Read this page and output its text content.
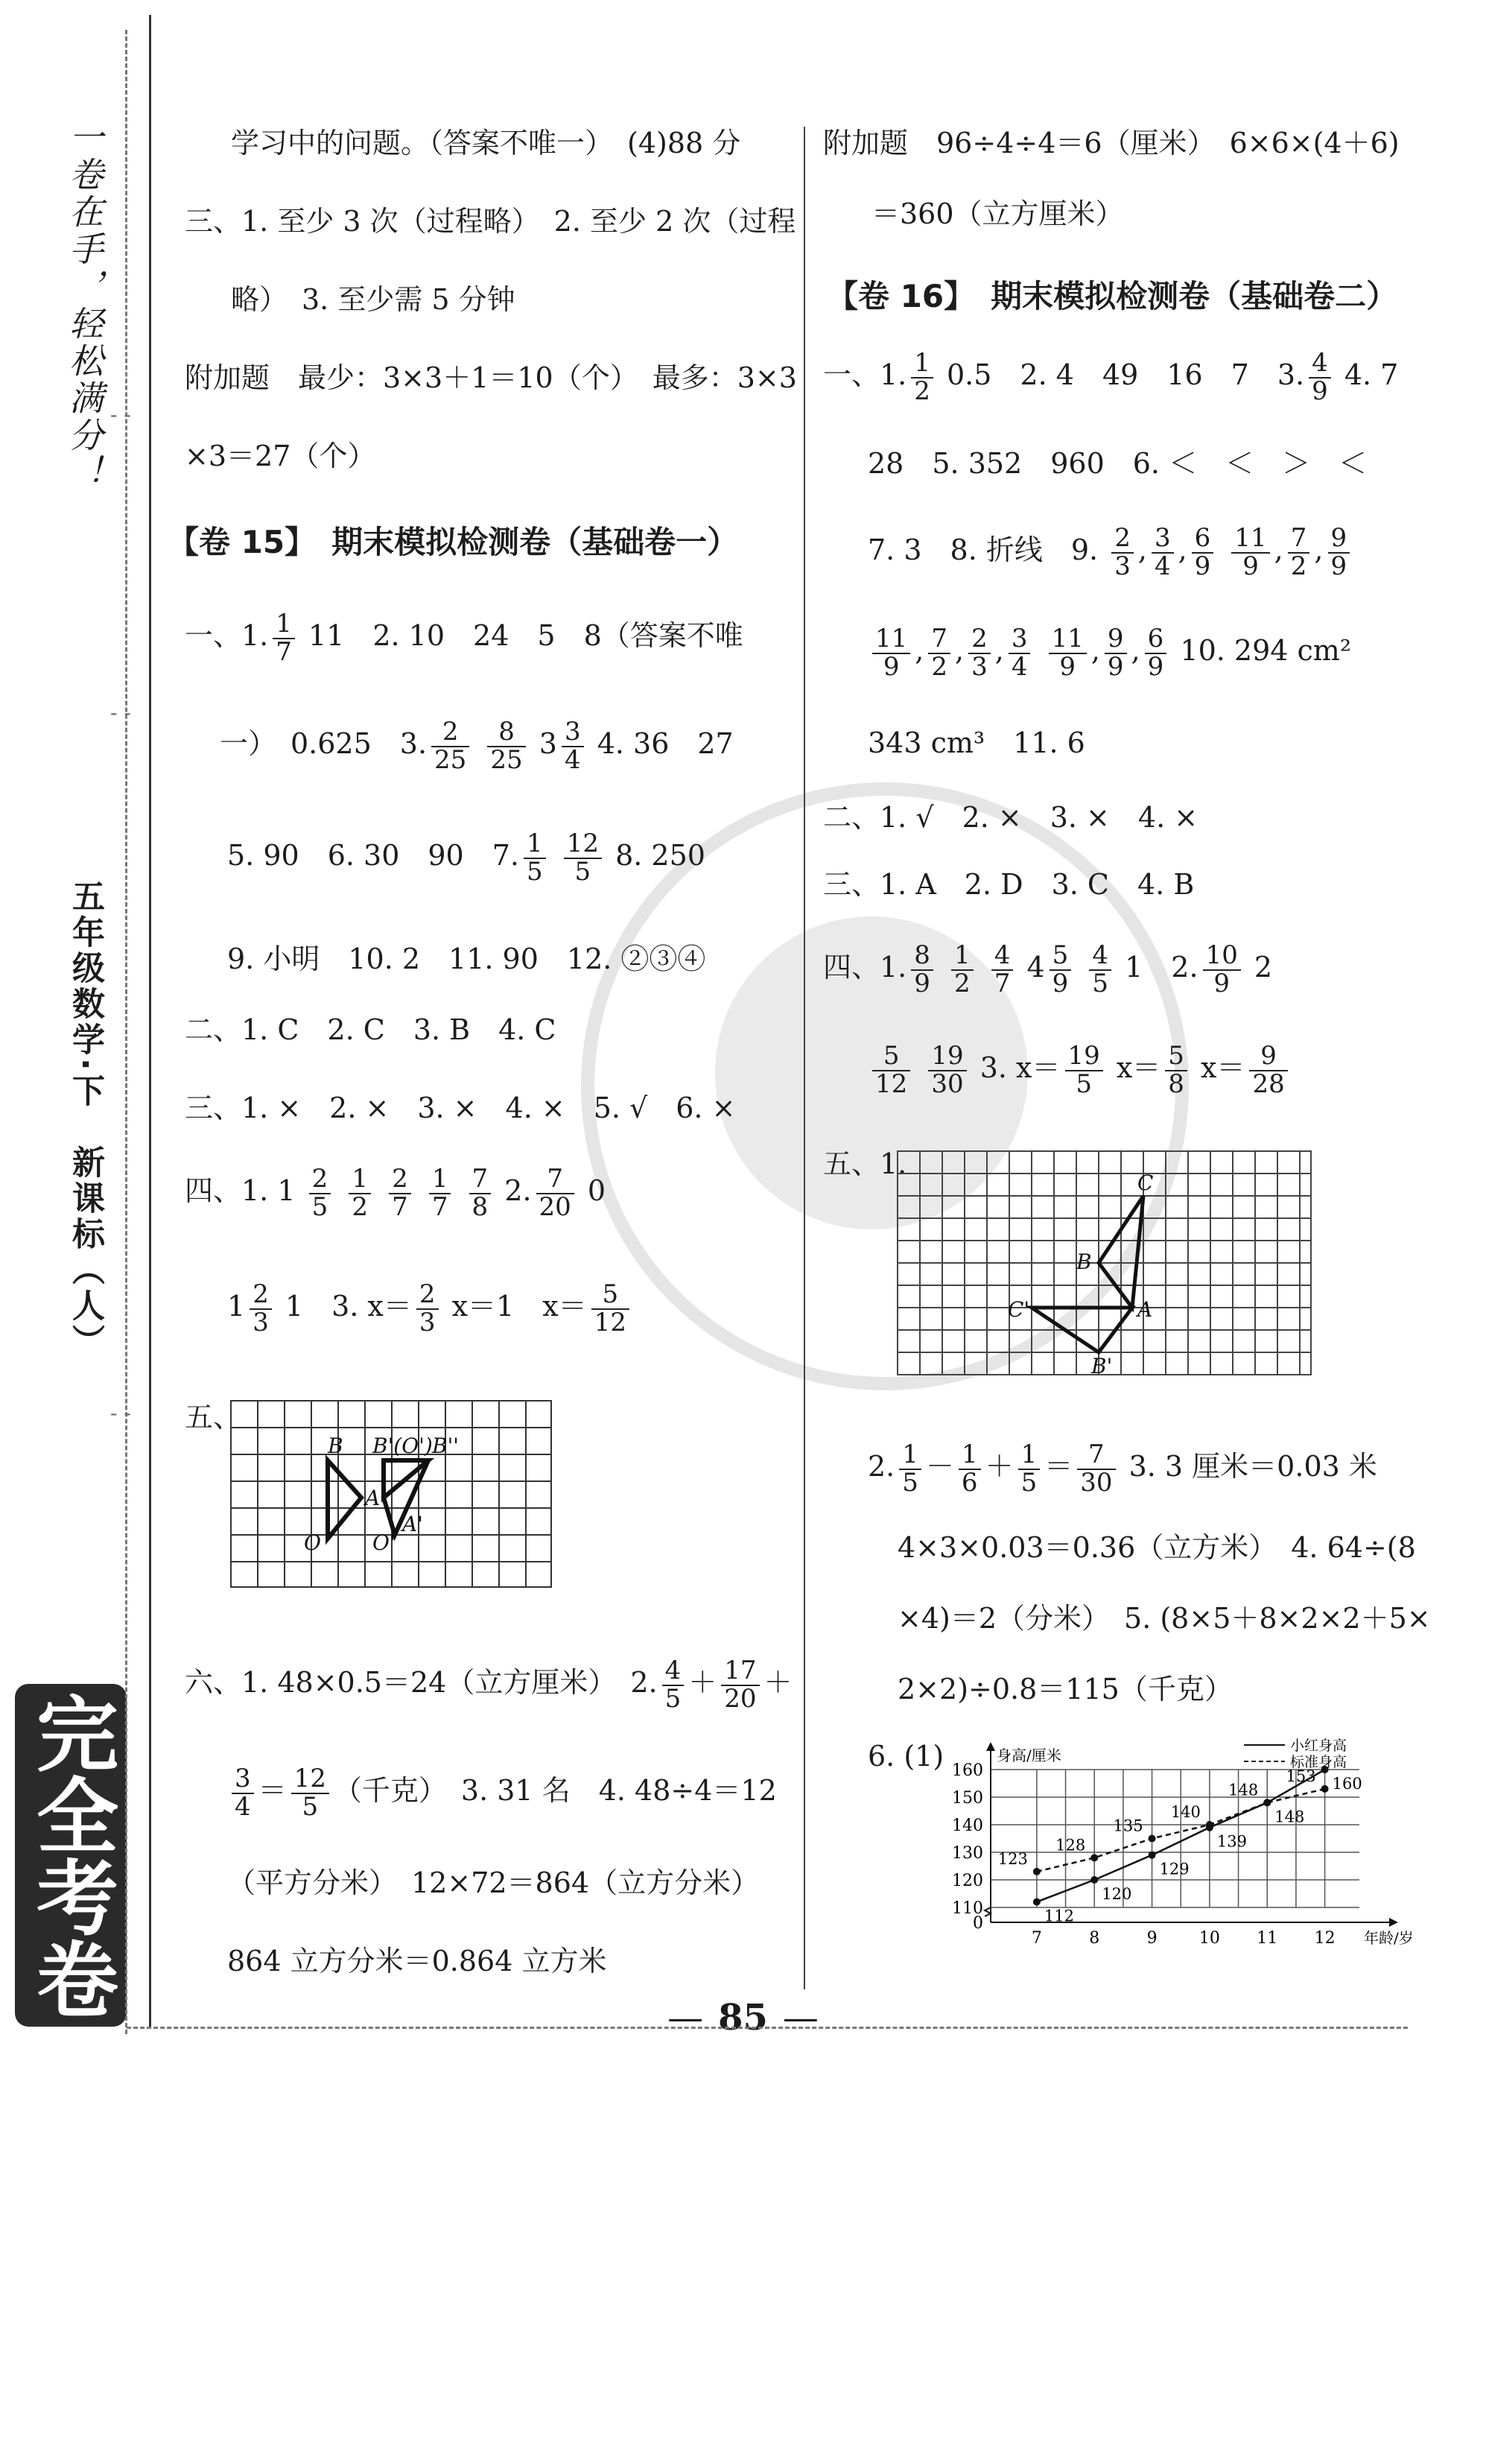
一卷在手，轻松满分！
五年级数学·下　新课标（人）
完全考卷
- -
- -
- -
学习中的问题。（答案不唯一）　(4)88 分
三、1. 至少 3 次（过程略）　2. 至少 2 次（过程
略）　3. 至少需 5 分钟
附加题　最少：3×3＋1＝10（个）　最多：3×3
×3＝27（个）
【卷 15】　期末模拟检测卷（基础卷一）
一、1. $\frac{1}{7} 11$　2. 10　24　5　8（答案不唯
一）　0.625　3. $\frac{2}{25}$
$\frac{8}{25} 3 \frac{3}{4} 4$. 36　27
5. 90　6. 30　90　7. $\frac{1}{5}$
$\frac{12}{5} 8$. 250
9. 小明　10. 2　11. 90　12. ②③④
二、1. C　2. C　3. B　4. C
三、1. ×　2. ×　3. ×　4. ×　5. √　6. ×
四、1. $1 \frac{2}{5}$
$\frac{1}{2}$
$\frac{2}{7}$
$\frac{1}{7}$
$\frac{7}{8} 2$. $\frac{7}{20} 0$
$1 \frac{2}{3} 1$　3. $x= \frac{2}{3} x=1$　$x= \frac{5}{12}$
五、
B B'(O') B''
A
O O'
A'
六、1. 48×0.5＝24（立方厘米）　2. $\frac{4}{5} + \frac{17}{20}$ ＋
$\frac{3}{4} = \frac{12}{5}$ （千克）　3. 31 名　4. 48÷4＝12
（平方分米）　12×72＝864（立方分米）
864 立方分米＝0.864 立方米
附加题　96÷4÷4＝6（厘米）　6×6×(4＋6)
＝360（立方厘米）
【卷 16】　期末模拟检测卷（基础卷二）
一、1. $\frac{1}{2} 0.5$　2. 4　49　16　7　3. $\frac{4}{9} 4$. 7
28　5. 352　960　6. ＜　＜　＞　＜
7. 3　8. 折线　9. $\frac{2}{3}$ , $\frac{3}{4}$ , $\frac{6}{9}$
$\frac{11}{9}$ , $\frac{7}{2}$ , $\frac{9}{9}$
$\frac{11}{9}$ , $\frac{7}{2}$ , $\frac{2}{3}$ , $\frac{3}{4}$
$\frac{11}{9}$ , $\frac{9}{9}$ , $\frac{6}{9} 10$. 294 cm²
343 cm³　11. 6
二、1. √　2. ×　3. ×　4. ×
三、1. A　2. D　3. C　4. B
四、1. $\frac{8}{9}$
$\frac{1}{2}$
$\frac{4}{7} 4 \frac{5}{9}$
$\frac{4}{5} 1$　2. $\frac{10}{9} 2$
$\frac{5}{12}$
$\frac{19}{30} 3$. $x= \frac{19}{5} x= \frac{5}{8} x= \frac{9}{28}$
五、1.
C
B
C'	A
B'
2. $\frac{1}{5} - \frac{1}{6} + \frac{1}{5} = \frac{7}{30} 3$. 3 厘米＝0.03 米
4×3×0.03＝0.36（立方米）　4. 64÷(8
×4)＝2（分米）　5. (8×5＋8×2×2＋5×
2×2)÷0.8＝115（千克）
6. (1)
0
110
120
130
140
150
160
7	8	9	10 11 12
身高/厘米
年龄/岁
112
120
129
139
148
160
123
128
135
140
148
153
小红身高
标准身高
— 85 —
